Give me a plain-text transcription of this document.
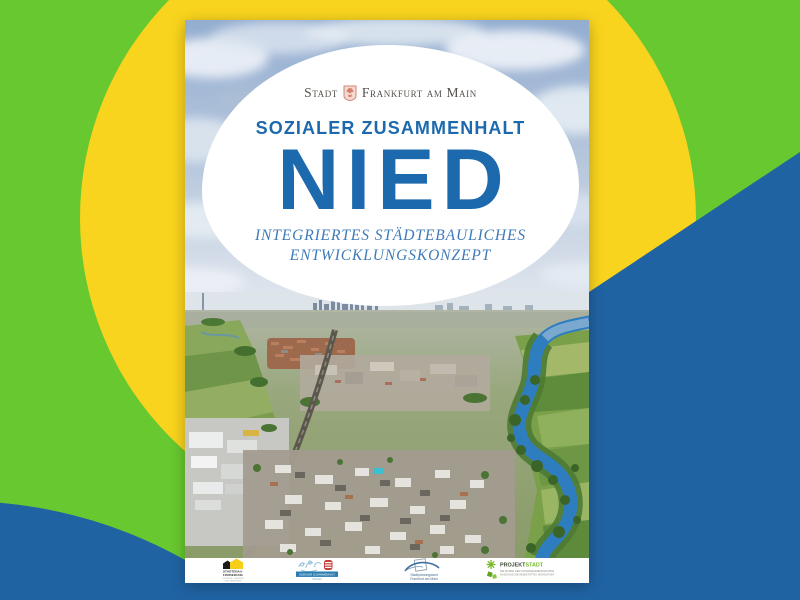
Stadt Frankfurt am Main
SOZIALER ZUSAMMENHALT
NIED
INTEGRIERTES STÄDTEBAULICHES
ENTWICKLUNGSKONZEPT
STÄDTEBAU-
FÖRDERUNG
VON BUND, LÄNDERN
UND GEMEINDEN
SOZIALER ZUSAMMENHALT
HESSEN
Stadtplanungsamt
Frankfurt am Main
PROJEKTSTADT
DIE MARKE DER UNTERNEHMENSGRUPPE
NASSAUISCHE HEIMSTÄTTE | WOHNSTADT
